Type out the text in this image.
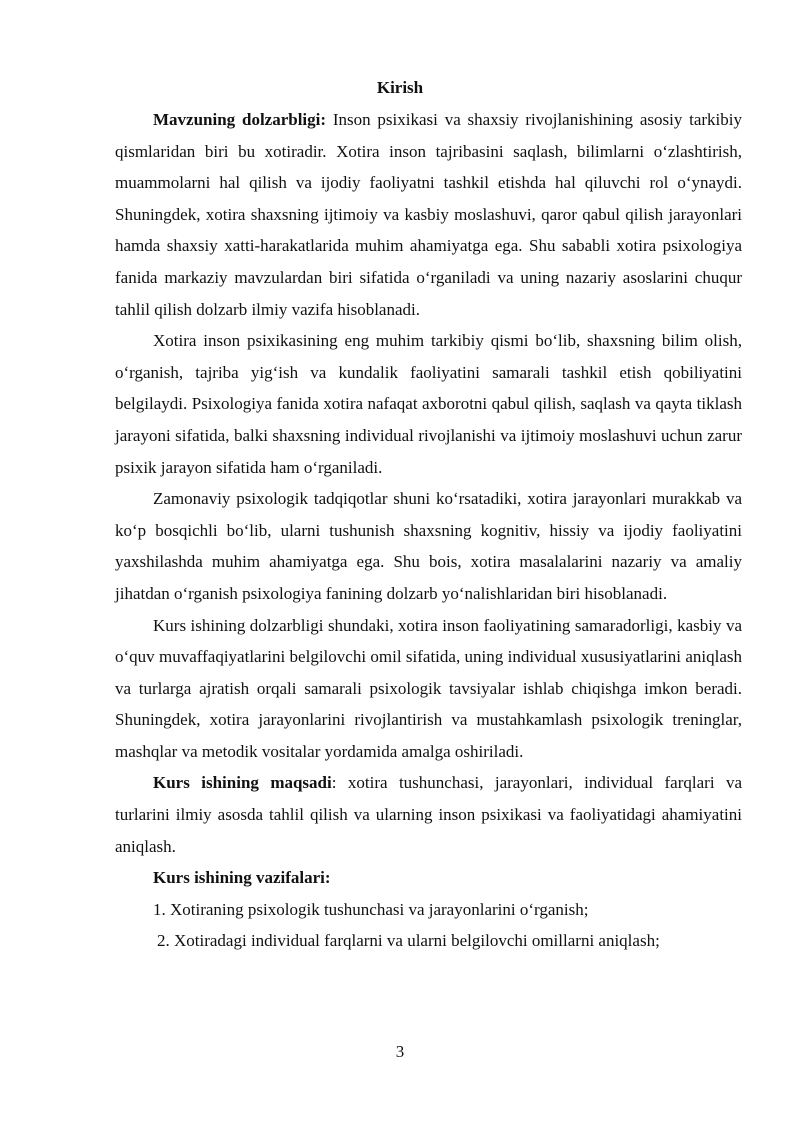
Kirish

Mavzuning dolzarbligi: Inson psixikasi va shaxsiy rivojlanishining asosiy tarkibiy qismlaridan biri bu xotiradir. Xotira inson tajribasini saqlash, bilimlarni o‘zlashtirish, muammolarni hal qilish va ijodiy faoliyatni tashkil etishda hal qiluvchi rol o‘ynaydi. Shuningdek, xotira shaxsning ijtimoiy va kasbiy moslashuvi, qaror qabul qilish jarayonlari hamda shaxsiy xatti-harakatlarida muhim ahamiyatga ega. Shu sababli xotira psixologiya fanida markaziy mavzulardan biri sifatida o‘rganiladi va uning nazariy asoslarini chuqur tahlil qilish dolzarb ilmiy vazifa hisoblanadi.

Xotira inson psixikasining eng muhim tarkibiy qismi bo‘lib, shaxsning bilim olish, o‘rganish, tajriba yig‘ish va kundalik faoliyatini samarali tashkil etish qobiliyatini belgilaydi. Psixologiya fanida xotira nafaqat axborotni qabul qilish, saqlash va qayta tiklash jarayoni sifatida, balki shaxsning individual rivojlanishi va ijtimoiy moslashuvi uchun zarur psixik jarayon sifatida ham o‘rganiladi.

Zamonaviy psixologik tadqiqotlar shuni ko‘rsatadiki, xotira jarayonlari murakkab va ko‘p bosqichli bo‘lib, ularni tushunish shaxsning kognitiv, hissiy va ijodiy faoliyatini yaxshilashda muhim ahamiyatga ega. Shu bois, xotira masalalarini nazariy va amaliy jihatdan o‘rganish psixologiya fanining dolzarb yo‘nalishlaridan biri hisoblanadi.

Kurs ishining dolzarbligi shundaki, xotira inson faoliyatining samaradorligi, kasbiy va o‘quv muvaffaqiyatlarini belgilovchi omil sifatida, uning individual xususiyatlarini aniqlash va turlarga ajratish orqali samarali psixologik tavsiyalar ishlab chiqishga imkon beradi. Shuningdek, xotira jarayonlarini rivojlantirish va mustahkamlash psixologik treninglar, mashqlar va metodik vositalar yordamida amalga oshiriladi.

Kurs ishining maqsadi: xotira tushunchasi, jarayonlari, individual farqlari va turlarini ilmiy asosda tahlil qilish va ularning inson psixikasi va faoliyatidagi ahamiyatini aniqlash.

Kurs ishining vazifalari:

1. Xotiraning psixologik tushunchasi va jarayonlarini o‘rganish;

2. Xotiradagi individual farqlarni va ularni belgilovchi omillarni aniqlash;

3
